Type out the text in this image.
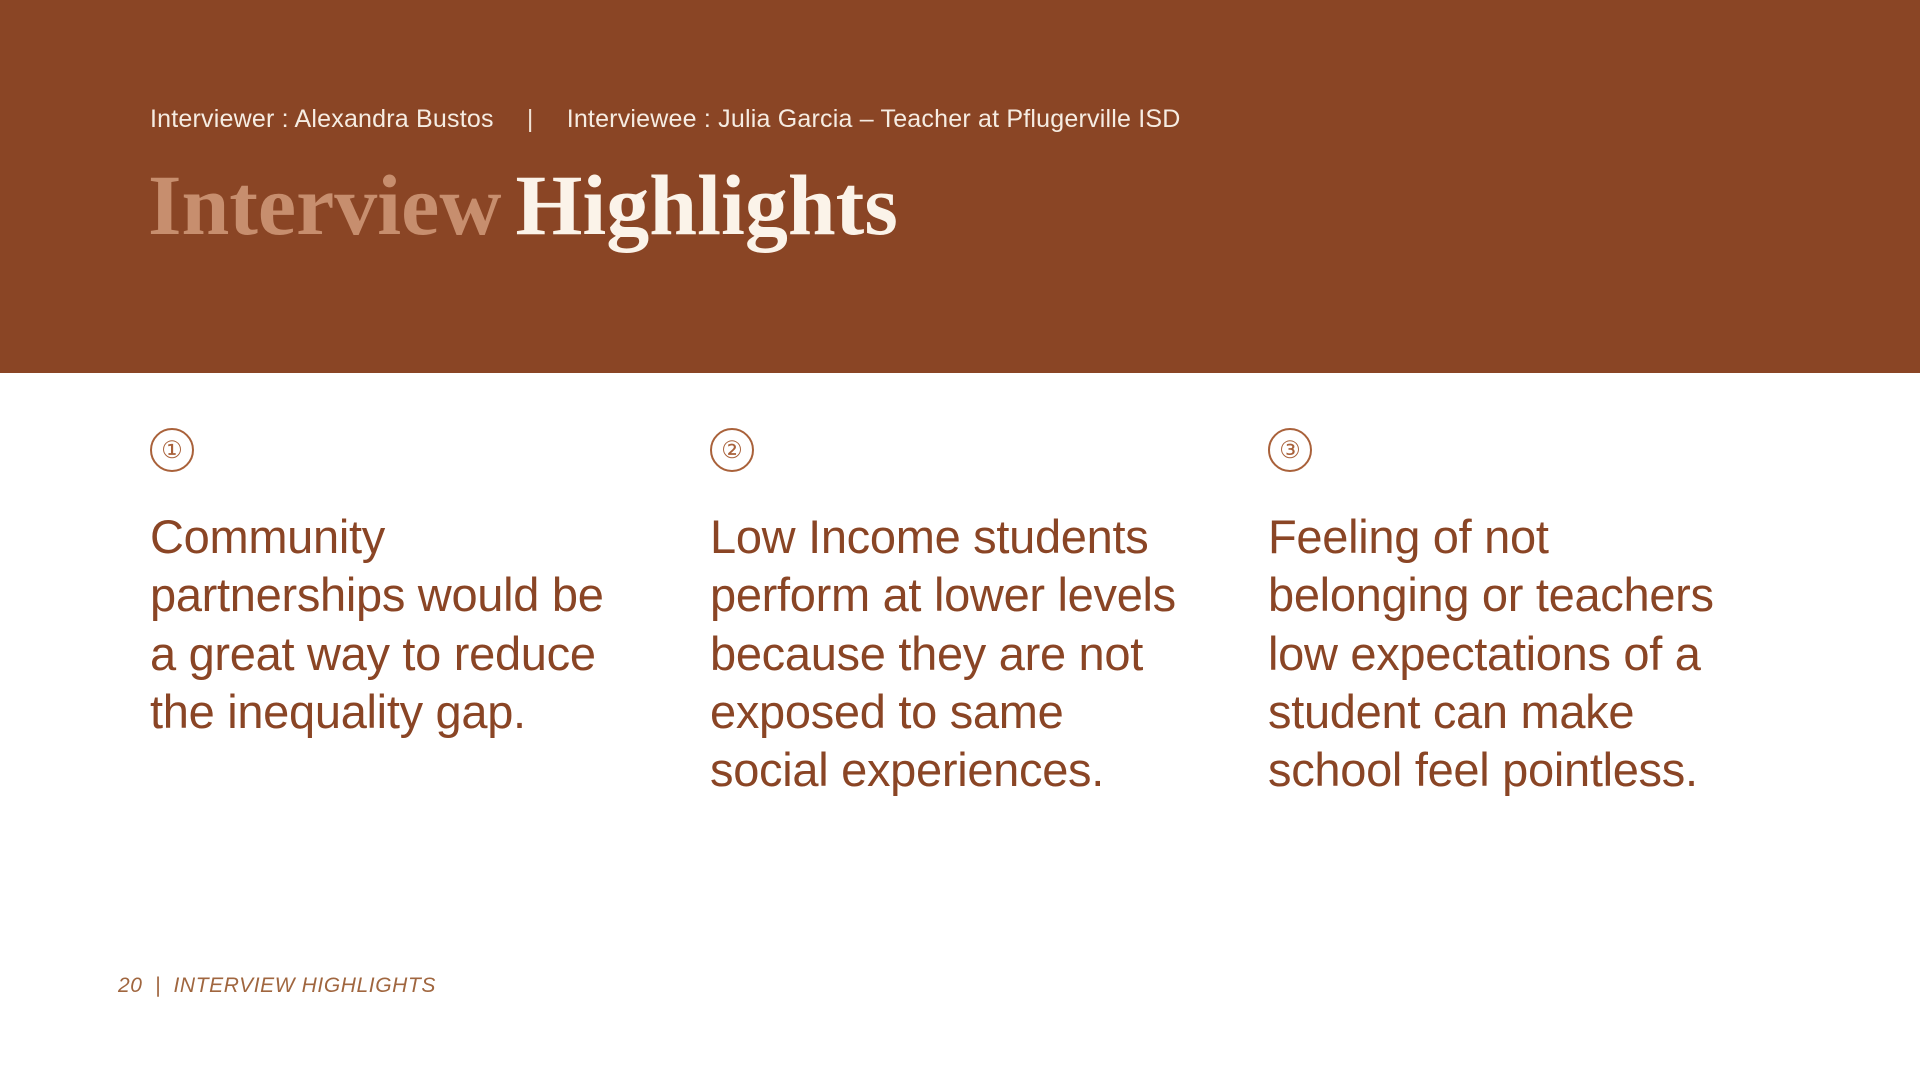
Interviewer : Alexandra Bustos | Interviewee : Julia Garcia – Teacher at Pflugerville ISD
Interview Highlights
①
Community partnerships would be a great way to reduce the inequality gap.
②
Low Income students perform at lower levels because they are not exposed to same social experiences.
③
Feeling of not belonging or teachers low expectations of a student can make school feel pointless.
20 | INTERVIEW HIGHLIGHTS
